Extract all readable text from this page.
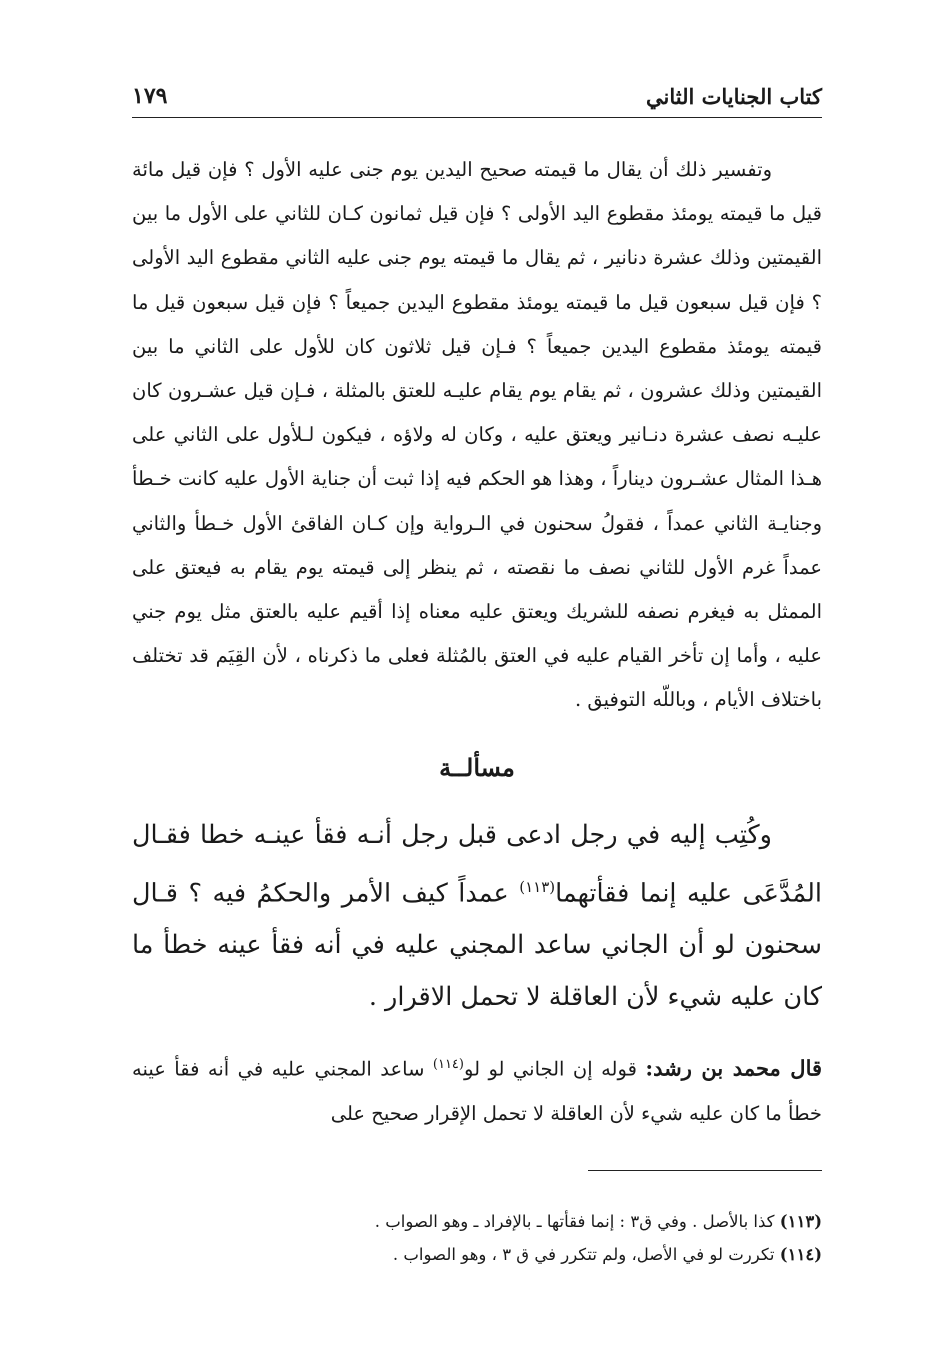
كتاب الجنايات الثاني
١٧٩

وتفسير ذلك أن يقال ما قيمته صحيح اليدين يوم جنى عليه الأول ؟ فإن قيل مائة قيل ما قيمته يومئذ مقطوع اليد الأولى ؟ فإن قيل ثمانون كـان للثاني على الأول ما بين القيمتين وذلك عشرة دنانير ، ثم يقال ما قيمته يوم جنى عليه الثاني مقطوع اليد الأولى ؟ فإن قيل سبعون قيل ما قيمته يومئذ مقطوع اليدين جميعاً ؟ فإن قيل سبعون قيل ما قيمته يومئذ مقطوع اليدين جميعاً ؟ فـإن قيل ثلاثون كان للأول على الثاني ما بين القيمتين وذلك عشرون ، ثم يقام يوم يقام عليـه للعتق بالمثلة ، فـإن قيل عشـرون كان عليـه نصف عشرة دنـانير ويعتق عليه ، وكان له ولاؤه ، فيكون لـلأول على الثاني على هـذا المثال عشـرون ديناراً ، وهذا هو الحكم فيه إذا ثبت أن جناية الأول عليه كانت خـطأ وجنايـة الثاني عمداً ، فقولُ سحنون في الـرواية وإن كـان الفاقئ الأول خـطأ والثاني عمداً غرم الأول للثاني نصف ما نقصته ، ثم ينظر إلى قيمته يوم يقام به فيعتق على الممثل به فيغرم نصفه للشريك ويعتق عليه معناه إذا أقيم عليه بالعتق مثل يوم جني عليه ، وأما إن تأخر القيام عليه في العتق بالمُثلة فعلى ما ذكرناه ، لأن القِيَم قد تختلف باختلاف الأيام ، وباللّه التوفيق .

مسألــة

وكُتِب إليه في رجل ادعى قبل رجل أنـه فقأ عينـه خطا فقـال المُدَّعَى عليه إنما فقأتهما$^{(١١٣)}$ عمداً كيف الأمر والحكمُ فيه ؟ قـال سحنون لو أن الجاني ساعد المجني عليه في أنه فقأ عينه خطأ ما كان عليه شيء لأن العاقلة لا تحمل الاقرار .

قال محمد بن رشد: قوله إن الجاني لو لو$^{(١١٤)}$ ساعد المجني عليه في أنه فقأ عينه خطأ ما كان عليه شيء لأن العاقلة لا تحمل الإقرار صحيح على

(١١٣) كذا بالأصل . وفي ق٣ : إنما فقأتها ـ بالإفراد ـ وهو الصواب .

(١١٤) تكررت لو في الأصل، ولم تتكرر في ق ٣ ، وهو الصواب .
